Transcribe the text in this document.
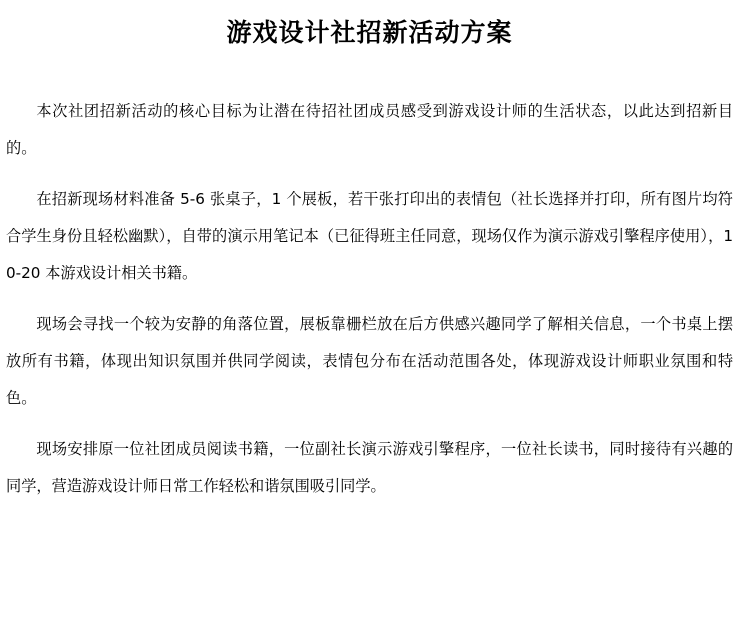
游戏设计社招新活动方案

本次社团招新活动的核心目标为让潜在待招社团成员感受到游戏设计师的生活状态，以此达到招新目的。

在招新现场材料准备 5-6 张桌子，1 个展板，若干张打印出的表情包（社长选择并打印，所有图片均符合学生身份且轻松幽默），自带的演示用笔记本（已征得班主任同意，现场仅作为演示游戏引擎程序使用），10-20 本游戏设计相关书籍。

现场会寻找一个较为安静的角落位置，展板靠栅栏放在后方供感兴趣同学了解相关信息，一个书桌上摆放所有书籍，体现出知识氛围并供同学阅读，表情包分布在活动范围各处，体现游戏设计师职业氛围和特色。

现场安排原一位社团成员阅读书籍，一位副社长演示游戏引擎程序，一位社长读书，同时接待有兴趣的同学，营造游戏设计师日常工作轻松和谐氛围吸引同学。
